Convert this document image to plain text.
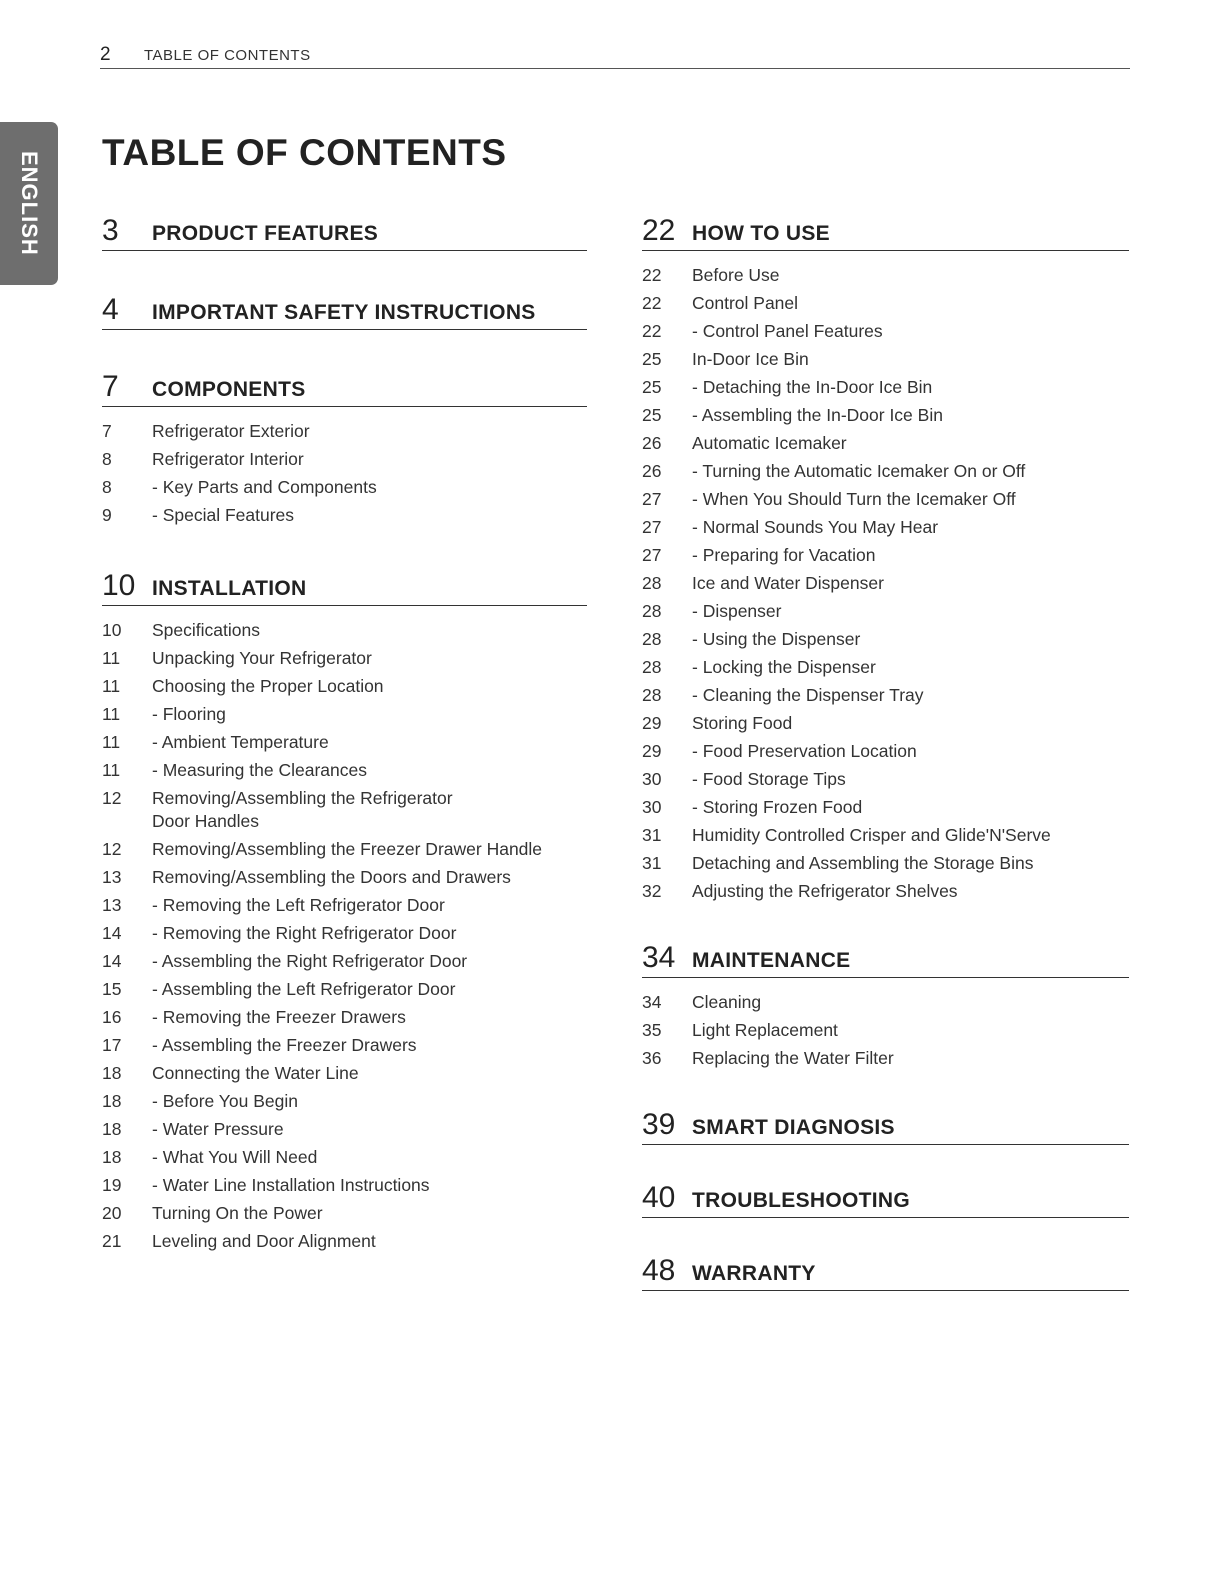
2 TABLE OF CONTENTS
ENGLISH TABLE OF CONTENTS
3 PRODUCT FEATURES
4 IMPORTANT SAFETY INSTRUCTIONS
7 COMPONENTS
7	Refrigerator Exterior
8	Refrigerator Interior
8	- Key Parts and Components
9	- Special Features
10 INSTALLATION
10	Specifications
11	Unpacking Your Refrigerator
11	Choosing the Proper Location
11	- Flooring
11	- Ambient Temperature
11	- Measuring the Clearances
12	Removing/Assembling the Refrigerator
Door Handles
12	Removing/Assembling the Freezer Drawer Handle
13	Removing/Assembling the Doors and Drawers
13	- Removing the Left Refrigerator Door
14	- Removing the Right Refrigerator Door
14	- Assembling the Right Refrigerator Door
15	- Assembling the Left Refrigerator Door
16	- Removing the Freezer Drawers
17	- Assembling the Freezer Drawers
18	Connecting the Water Line
18	- Before You Begin
18	- Water Pressure
18	- What You Will Need
19	- Water Line Installation Instructions
20	Turning On the Power
21	Leveling and Door Alignment
22 HOW TO USE
22	Before Use
22	Control Panel
22	- Control Panel Features
25	In-Door Ice Bin
25	- Detaching the In-Door Ice Bin
25	- Assembling the In-Door Ice Bin
26	Automatic Icemaker
26	- Turning the Automatic Icemaker On or Off
27	- When You Should Turn the Icemaker Off
27	- Normal Sounds You May Hear
27	- Preparing for Vacation
28	Ice and Water Dispenser
28	- Dispenser
28	- Using the Dispenser
28	- Locking the Dispenser
28	- Cleaning the Dispenser Tray
29	Storing Food
29	- Food Preservation Location
30	- Food Storage Tips
30	- Storing Frozen Food
31	Humidity Controlled Crisper and Glide'N'Serve
31	Detaching and Assembling the Storage Bins
32	Adjusting the Refrigerator Shelves
34 MAINTENANCE
34	Cleaning
35	Light Replacement
36	Replacing the Water Filter
39 SMART DIAGNOSIS
40 TROUBLESHOOTING
48 WARRANTY
